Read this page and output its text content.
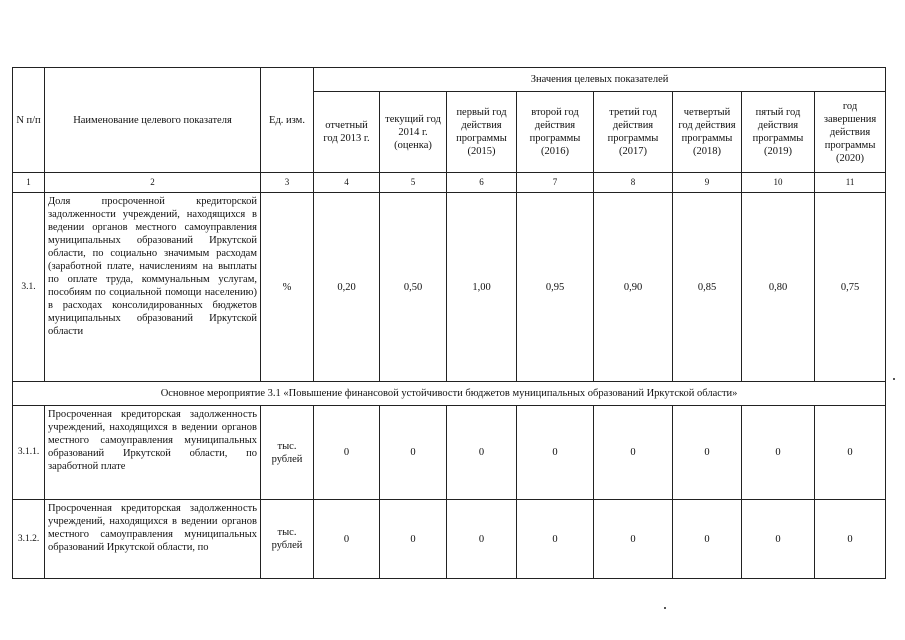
N п/п	Наименование целевого показателя	Ед. изм.	Значения целевых показателей							
			отчетный год 2013 г.	текущий год 2014 г. (оценка)	первый год действия программы (2015)	второй год действия программы (2016)	третий год действия программы (2017)	четвертый год действия программы (2018)	пятый год действия программы (2019)	год завершения действия программы (2020)
1	2	3	4	5	6	7	8	9	10	11
3.1.	Доля просроченной кредиторской задолженности учреждений, находящихся в ведении органов местного самоуправления муниципальных образований Иркутской области, по социально значимым расходам (заработной плате, начислениям на выплаты по оплате труда, коммунальным услугам, пособиям по социальной помощи населению) в расходах консолидированных бюджетов муниципальных образований Иркутской области	%	0,20	0,50	1,00	0,95	0,90	0,85	0,80	0,75
Основное мероприятие 3.1 «Повышение финансовой устойчивости бюджетов муниципальных образований Иркутской области»										
3.1.1.	Просроченная кредиторская задолженность учреждений, находящихся в ведении органов местного самоуправления муниципальных образований Иркутской области, по заработной плате	тыс. рублей	0	0	0	0	0	0	0	0
3.1.2.	Просроченная кредиторская задолженность учреждений, находящихся в ведении органов местного самоуправления муниципальных образований Иркутской области, по	тыс. рублей	0	0	0	0	0	0	0	0
